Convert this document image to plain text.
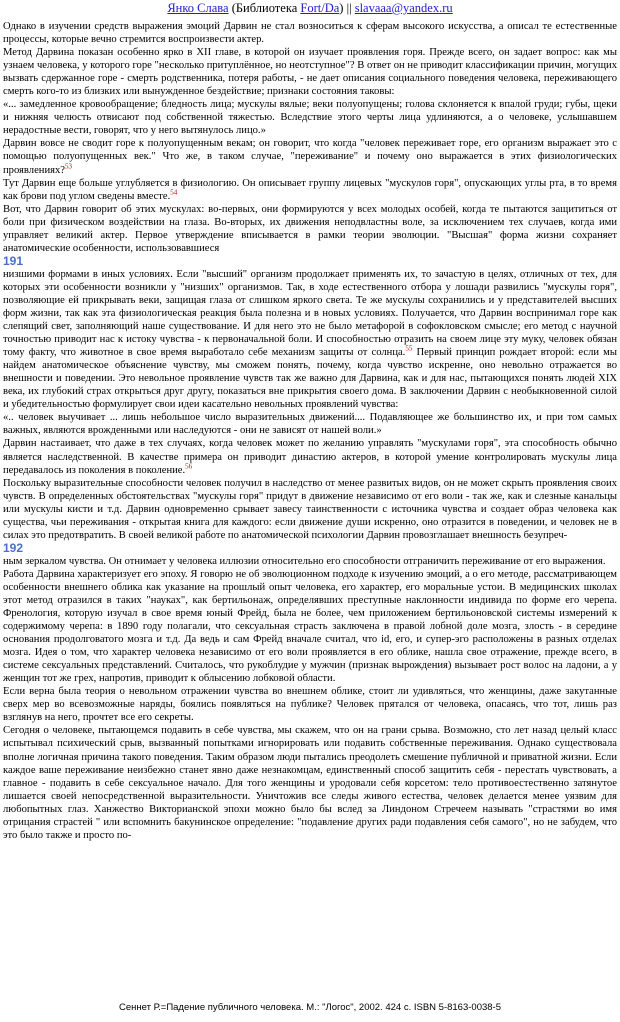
Янко Слава (Библиотека Fort/Da) || slavaaa@yandex.ru

Однако в изучении средств выражения эмоций Дарвин не стал возноситься к сферам высокого искусства, а описал те естественные процессы, которые вечно стремится воспроизвести актер.

Метод Дарвина показан особенно ярко в XII главе, в которой он изучает проявления горя. Прежде всего, он задает вопрос: как мы узнаем человека, у которого горе "несколько притуплённое, но неотступное"? В ответ он не приводит классификации причин, могущих вызвать сдержанное горе - смерть родственника, потеря работы, - не дает описания социального поведения человека, переживающего смерть кого-то из близких или вынужденное бездействие; признаки состояния таковы:

«... замедленное кровообращение; бледность лица; мускулы вялые; веки полуопущены; голова склоняется к впалой груди; губы, щеки и нижняя челюсть отвисают под собственной тяжестью. Вследствие этого черты лица удлиняются, а о человеке, услышавшем нерадостные вести, говорят, что у него вытянулось лицо.»

Дарвин вовсе не сводит горе к полуопущенным векам; он говорит, что когда "человек переживает горе, его организм выражает это с помощью полуопущенных век." Что же, в таком случае, "переживание" и почему оно выражается в этих физиологических проявлениях?$^{53}$

Тут Дарвин еще больше углубляется в физиологию. Он описывает группу лицевых "мускулов горя", опускающих углы рта, в то время как брови под углом сведены вместе.$^{54}$

Вот, что Дарвин говорит об этих мускулах: во-первых, они формируются у всех молодых особей, когда те пытаются защититься от боли при физическом воздействии на глаза. Во-вторых, их движения неподвластны воле, за исключением тех случаев, когда ими управляет великий актер. Первое утверждение вписывается в рамки теории эволюции. "Высшая" форма жизни сохраняет анатомические особенности, использовавшиеся

191

низшими формами в иных условиях. Если "высший" организм продолжает применять их, то зачастую в целях, отличных от тех, для которых эти особенности возникли у "низших" организмов. Так, в ходе естественного отбора у лошади развились "мускулы горя", позволяющие ей прикрывать веки, защищая глаза от слишком яркого света. Те же мускулы сохранились и у представителей высших форм жизни, так как эта физиологическая реакция была полезна и в новых условиях. Получается, что Дарвин воспринимал горе как слепящий свет, заполняющий наше существование. И для него это не было метафорой в софокловском смысле; его метод с научной точностью приводит нас к истоку чувства - к первоначальной боли. И способностью отразить на своем лице эту муку, человек обязан тому факту, что животное в свое время выработало себе механизм защиты от солнца.$^{55}$ Первый принцип рождает второй: если мы найдем анатомическое объяснение чувству, мы сможем понять, почему, когда чувство искренне, оно невольно отражается во внешности и поведении. Это невольное проявление чувств так же важно для Дарвина, как и для нас, пытающихся понять людей XIX века, их глубокий страх открыться друг другу, показаться вне прикрытия своего дома. В заключении Дарвин с необыкновенной силой и убедительностью формулирует свои идеи касательно невольных проявлений чувства:

«.. человек выучивает ... лишь небольшое число выразительных движений.... Подавляющее же большинство их, и при том самых важных, являются врожденными или наследуются - они не зависят от нашей воли.»

Дарвин настаивает, что даже в тех случаях, когда человек может по желанию управлять "мускулами горя", эта способность обычно является наследственной. В качестве примера он приводит династию актеров, в которой умение контролировать мускулы лица передавалось из поколения в поколение.$^{56}$

Поскольку выразительные способности человек получил в наследство от менее развитых видов, он не может скрыть проявления своих чувств. В определенных обстоятельствах "мускулы горя" придут в движение независимо от его воли - так же, как и слезные канальцы или мускулы кисти и т.д. Дарвин одновременно срывает завесу таинственности с источника чувства и создает образ человека как существа, чьи переживания - открытая книга для каждого: если движение души искренно, оно отразится в поведении, и человек не в силах это предотвратить. В своей великой работе по анатомической психологии Дарвин провозглашает внешность безупреч-

192

ным зеркалом чувства. Он отнимает у человека иллюзии относительно его способности отграничить переживание от его выражения.

Работа Дарвина характеризует его эпоху. Я говорю не об эволюционном подходе к изучению эмоций, а о его методе, рассматривающем особенности внешнего облика как указание на прошлый опыт человека, его характер, его моральные устои. В медицинских школах этот метод отразился в таких "науках", как бертильонаж, определявших преступные наклонности индивида по форме его черепа. Френология, которую изучал в свое время юный Фрейд, была не более, чем приложением бертильоновской системы измерений к содержимому черепа: в 1890 году полагали, что сексуальная страсть заключена в правой лобной доле мозга, злость - в середине основания продолговатого мозга и т.д. Да ведь и сам Фрейд вначале считал, что id, его, и супер-эго расположены в разных отделах мозга. Идея о том, что характер человека независимо от его воли проявляется в его облике, нашла свое отражение, прежде всего, в системе сексуальных представлений. Считалось, что рукоблудие у мужчин (признак вырождения) вызывает рост волос на ладони, а у женщин тот же грех, напротив, приводит к облысению лобковой области.

Если верна была теория о невольном отражении чувства во внешнем облике, стоит ли удивляться, что женщины, даже закутанные сверх мер во всевозможные наряды, боялись появляться на публике? Человек прятался от человека, опасаясь, что тот, лишь раз взглянув на него, прочтет все его секреты.

Сегодня о человеке, пытающемся подавить в себе чувства, мы скажем, что он на грани срыва. Возможно, сто лет назад целый класс испытывал психический срыв, вызванный попытками игнорировать или подавить собственные переживания. Однако существовала вполне логичная причина такого поведения. Таким образом люди пытались преодолеть смешение публичной и приватной жизни. Если каждое ваше переживание неизбежно станет явно даже незнакомцам, единственный способ защитить себя - перестать чувствовать, а главное - подавить в себе сексуальное начало. Для того женщины и уродовали себя корсетом: тело противоестественно затянутое лишается своей непосредственной выразительности. Уничтожив все следы живого естества, человек делается менее уязвим для любопытных глаз. Ханжество Викторианской эпохи можно было бы вслед за Линдоном Стречеем называть "страстями во имя отрицания страстей " или вспомнить бакунинское определение: "подавление других ради подавления себя самого", но не забудем, что это было также и просто по-

Сеннет Р.=Падение публичного человека. М.: "Логос", 2002. 424 с. ISBN 5-8163-0038-5
